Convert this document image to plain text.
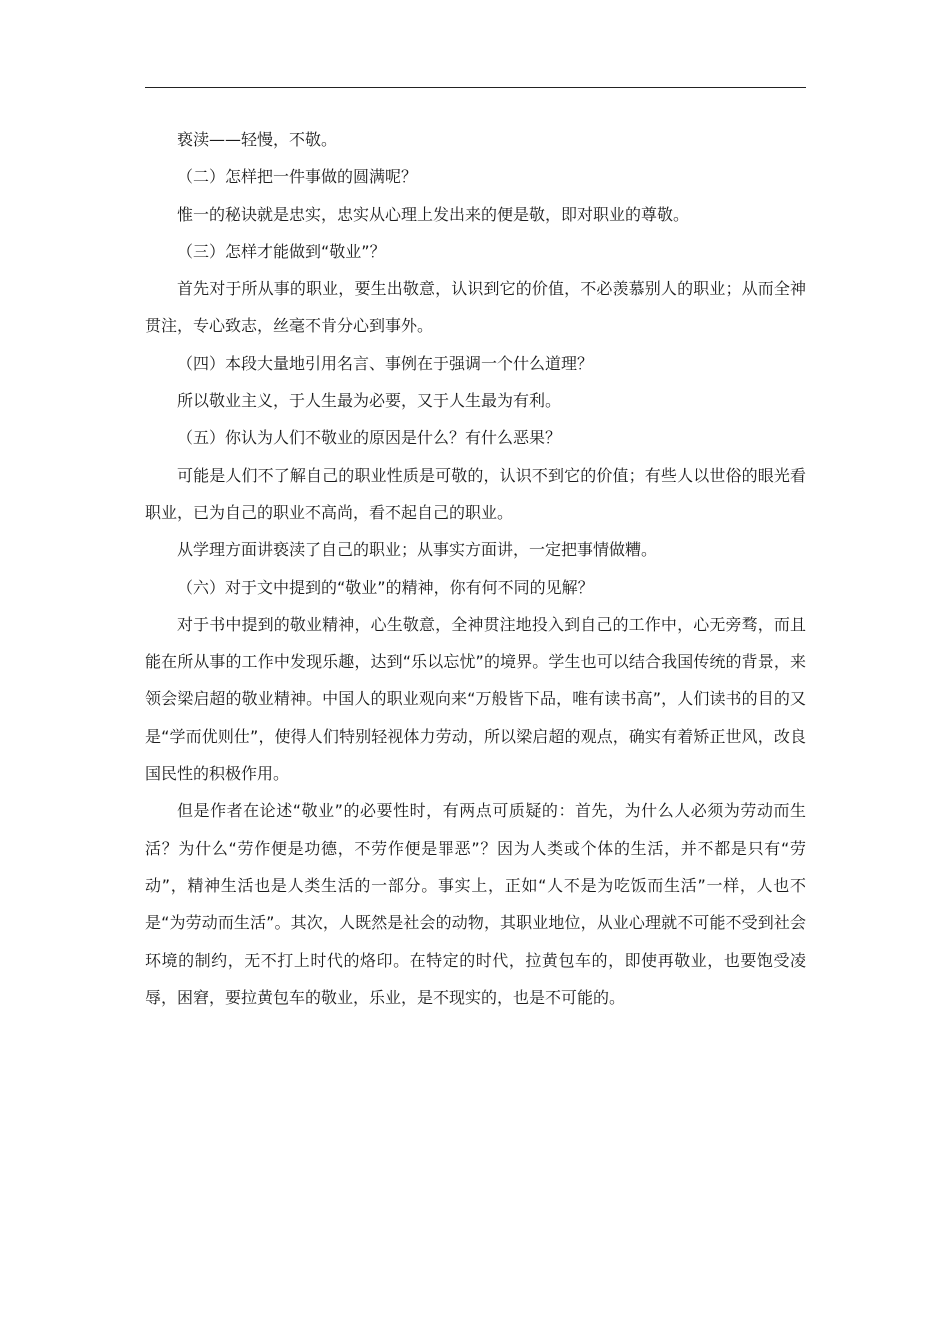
亵渎——轻慢，不敬。

（二）怎样把一件事做的圆满呢？

惟一的秘诀就是忠实，忠实从心理上发出来的便是敬，即对职业的尊敬。

（三）怎样才能做到“敬业”？

首先对于所从事的职业，要生出敬意，认识到它的价值，不必羡慕别人的职业；从而全神贯注，专心致志，丝毫不肯分心到事外。

（四）本段大量地引用名言、事例在于强调一个什么道理？

所以敬业主义，于人生最为必要，又于人生最为有利。

（五）你认为人们不敬业的原因是什么？有什么恶果？

可能是人们不了解自己的职业性质是可敬的，认识不到它的价值；有些人以世俗的眼光看职业，已为自己的职业不高尚，看不起自己的职业。

从学理方面讲亵渎了自己的职业；从事实方面讲，一定把事情做糟。

（六）对于文中提到的“敬业”的精神，你有何不同的见解？

对于书中提到的敬业精神，心生敬意，全神贯注地投入到自己的工作中，心无旁骛，而且能在所从事的工作中发现乐趣，达到“乐以忘忧”的境界。学生也可以结合我国传统的背景，来领会梁启超的敬业精神。中国人的职业观向来“万般皆下品，唯有读书高”，人们读书的目的又是“学而优则仕”，使得人们特别轻视体力劳动，所以梁启超的观点，确实有着矫正世风，改良国民性的积极作用。

但是作者在论述“敬业”的必要性时，有两点可质疑的：首先，为什么人必须为劳动而生活？为什么“劳作便是功德，不劳作便是罪恶”？因为人类或个体的生活，并不都是只有“劳动”，精神生活也是人类生活的一部分。事实上，正如“人不是为吃饭而生活”一样，人也不是“为劳动而生活”。其次，人既然是社会的动物，其职业地位，从业心理就不可能不受到社会环境的制约，无不打上时代的烙印。在特定的时代，拉黄包车的，即使再敬业，也要饱受凌辱，困窘，要拉黄包车的敬业，乐业，是不现实的，也是不可能的。
